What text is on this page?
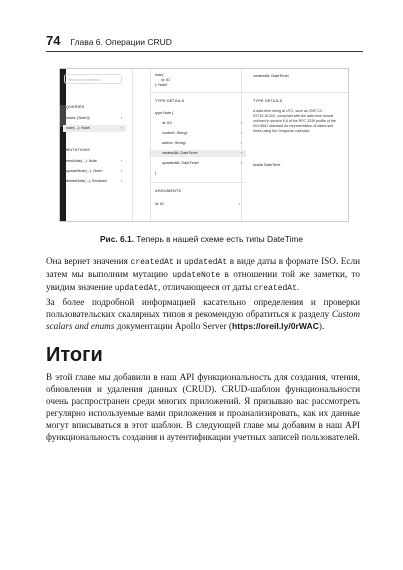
74 Глава 6. Операции CRUD
Search the schema ...
QUERIES
notes: [Note!]!	›
note(...): Note!	›
MUTATIONS
newNote(...): Note	›
updateNote(...): Note!	›
deleteNote(...): Boolean!	›
note(
id: ID
): Note!
TYPE DETAILS
type Note {
id: ID!	›
content: String!	›
author: String!	›
createdAt: DateTime!	›
updatedAt: DateTime!	›
}
ARGUMENTS
id: ID	›
createdAt: DateTime!
TYPE DETAILS
A date-time string at UTC, such as 2007-12-03T10:15:30Z, compliant with the date-time format outlined in section 5.6 of the RFC 3339 profile of the ISO 8601 standard for representation of dates and times using the Gregorian calendar.
scalar DateTime
Рис. 6.1. Теперь в нашей схеме есть типы DateTime

Она вернет значения createdAt и updatedAt в виде даты в формате ISO. Если затем мы выполним мутацию updateNote в отношении той же заметки, то увидим значение updatedAt, отличающееся от даты createdAt.

За более подробной информацией касательно определения и проверки пользовательских скалярных типов я рекомендую обратиться к разделу Custom scalars and enums документации Apollo Server (https://oreil.ly/0rWAC).

Итоги

В этой главе мы добавили в наш API функциональность для создания, чтения, обновления и удаления данных (CRUD). CRUD-шаблон функциональности очень распространен среди многих приложений. Я призываю вас рассмотреть регулярно используемые вами приложения и проанализировать, как их данные могут вписываться в этот шаблон. В следующей главе мы добавим в наш API функциональность создания и аутентификации учетных записей пользователей.
